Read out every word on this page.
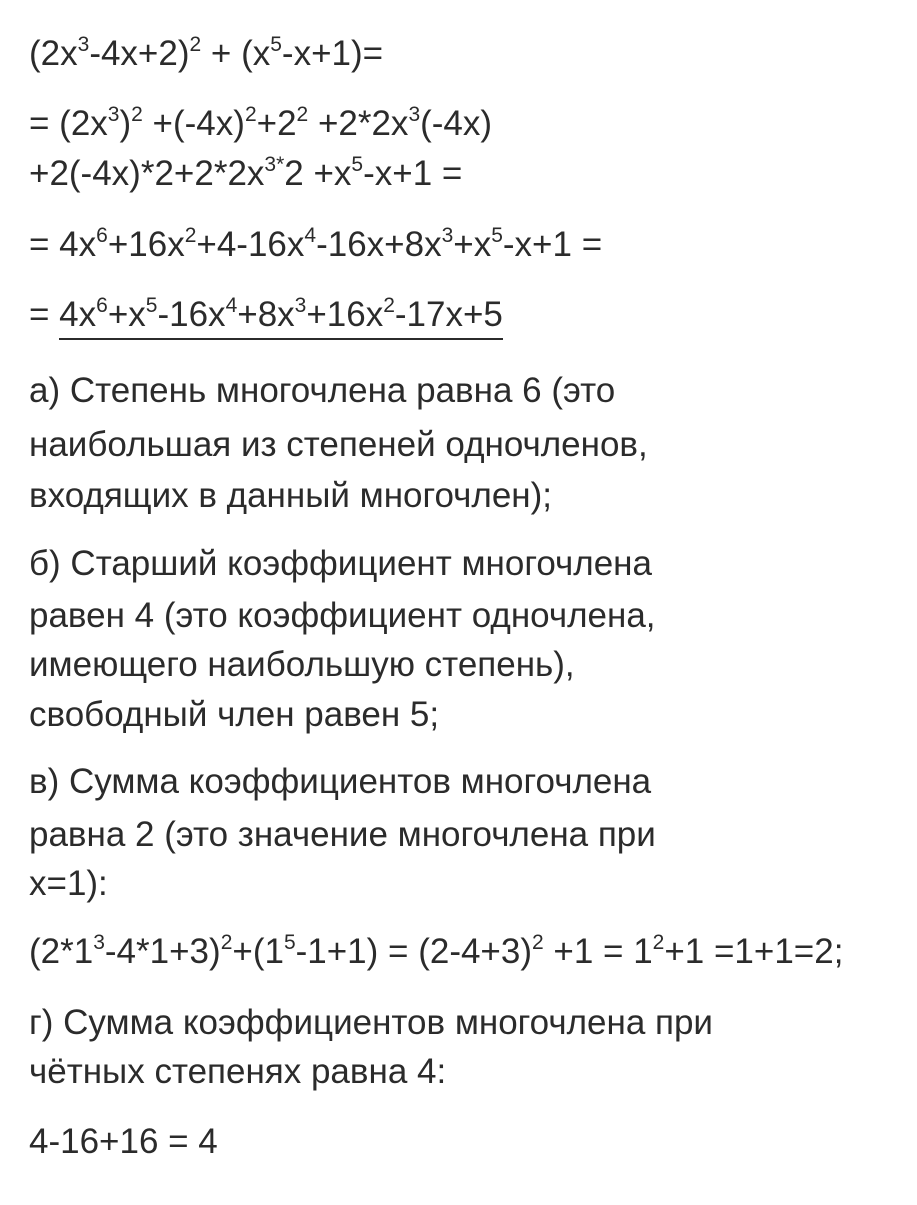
$(2x^3-4x+2)^2 + (x^5-x+1)=$

= $(2x^3)^2 +(-4x)^2+2^2 +2*2x^3(-4x)$

$+2(-4x)*2+2*2x^{3*}2 +x^5-x+1$ =

= $4x^6+16x^2+4-16x^4-16x+8x^3+x^5-x+1$ =

= $4x^6+x^5-16x^4+8x^3+16x^2-17x+5$

а) Степень многочлена равна 6 (это

наибольшая из степеней одночленов,

входящих в данный многочлен);

б) Старший коэффициент многочлена

равен 4 (это коэффициент одночлена,

имеющего наибольшую степень),

свободный член равен 5;

в) Сумма коэффициентов многочлена

равна 2 (это значение многочлена при

x=1):

$(2*1^3-4*1+3)^2+(1^5-1+1) = (2-4+3)^2 +1 = 1^2+1 =1+1=2$;

г) Сумма коэффициентов многочлена при

чётных степенях равна 4:

4-16+16 = 4
